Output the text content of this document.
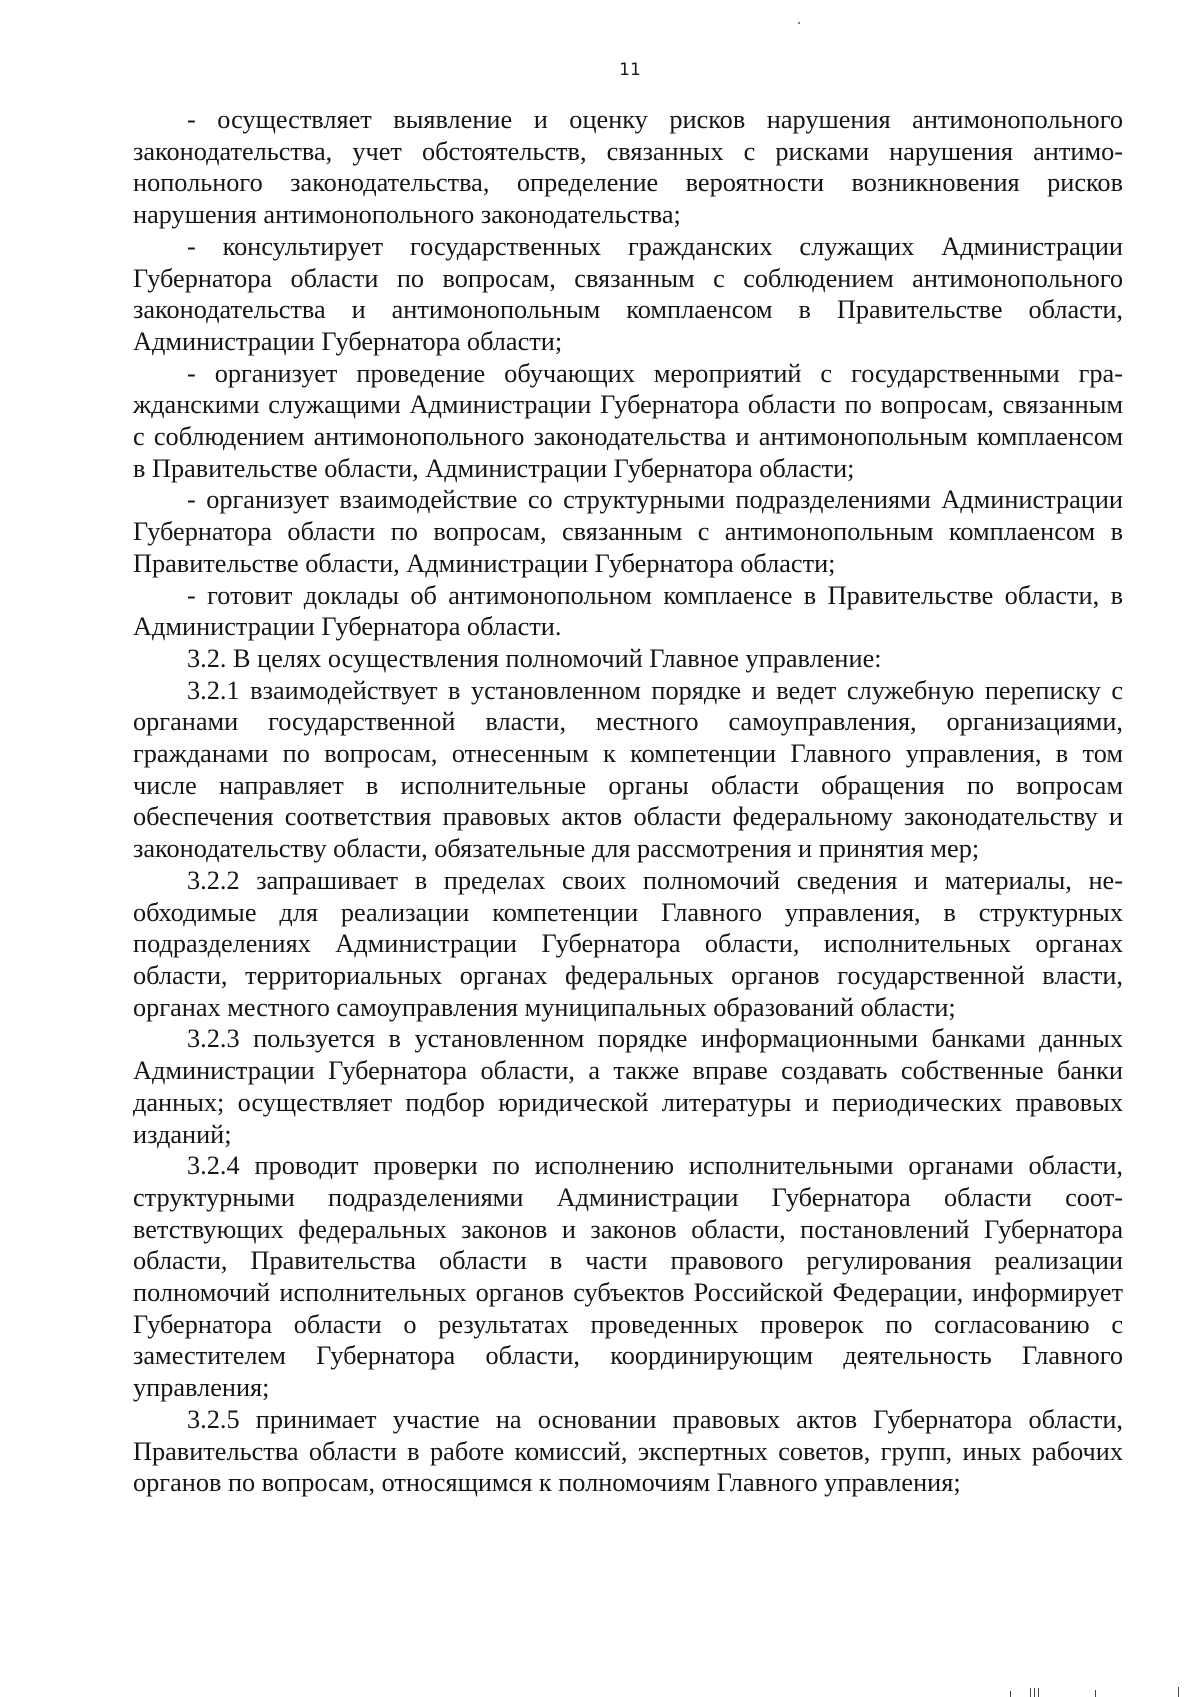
11

- осуществляет выявление и оценку рисков нарушения антимонопольного законодательства, учет обстоятельств, связанных с рисками нарушения антимонопольного законодательства, определение вероятности возникновения рисков нарушения антимонопольного законодательства;

- консультирует государственных гражданских служащих Администрации Губернатора области по вопросам, связанным с соблюдением антимонопольного законодательства и антимонопольным комплаенсом в Правительстве области, Администрации Губернатора области;

- организует проведение обучающих мероприятий с государственными гражданскими служащими Администрации Губернатора области по вопросам, связанным с соблюдением антимонопольного законодательства и антимонопольным комплаенсом в Правительстве области, Администрации Губернатора области;

- организует взаимодействие со структурными подразделениями Администрации Губернатора области по вопросам, связанным с антимонопольным комплаенсом в Правительстве области, Администрации Губернатора области;

- готовит доклады об антимонопольном комплаенсе в Правительстве области, в Администрации Губернатора области.

3.2. В целях осуществления полномочий Главное управление:

3.2.1 взаимодействует в установленном порядке и ведет служебную переписку с органами государственной власти, местного самоуправления, организациями, гражданами по вопросам, отнесенным к компетенции Главного управления, в том числе направляет в исполнительные органы области обращения по вопросам обеспечения соответствия правовых актов области федеральному законодательству и законодательству области, обязательные для рассмотрения и принятия мер;

3.2.2 запрашивает в пределах своих полномочий сведения и материалы, необходимые для реализации компетенции Главного управления, в структурных подразделениях Администрации Губернатора области, исполнительных органах области, территориальных органах федеральных органов государственной власти, органах местного самоуправления муниципальных образований области;

3.2.3 пользуется в установленном порядке информационными банками данных Администрации Губернатора области, а также вправе создавать собственные банки данных; осуществляет подбор юридической литературы и периодических правовых изданий;

3.2.4 проводит проверки по исполнению исполнительными органами области, структурными подразделениями Администрации Губернатора области соответствующих федеральных законов и законов области, постановлений Губернатора области, Правительства области в части правового регулирования реализации полномочий исполнительных органов субъектов Российской Федерации, информирует Губернатора области о результатах проведенных проверок по согласованию с заместителем Губернатора области, координирующим деятельность Главного управления;

3.2.5 принимает участие на основании правовых актов Губернатора области, Правительства области в работе комиссий, экспертных советов, групп, иных рабочих органов по вопросам, относящимся к полномочиям Главного управления;
